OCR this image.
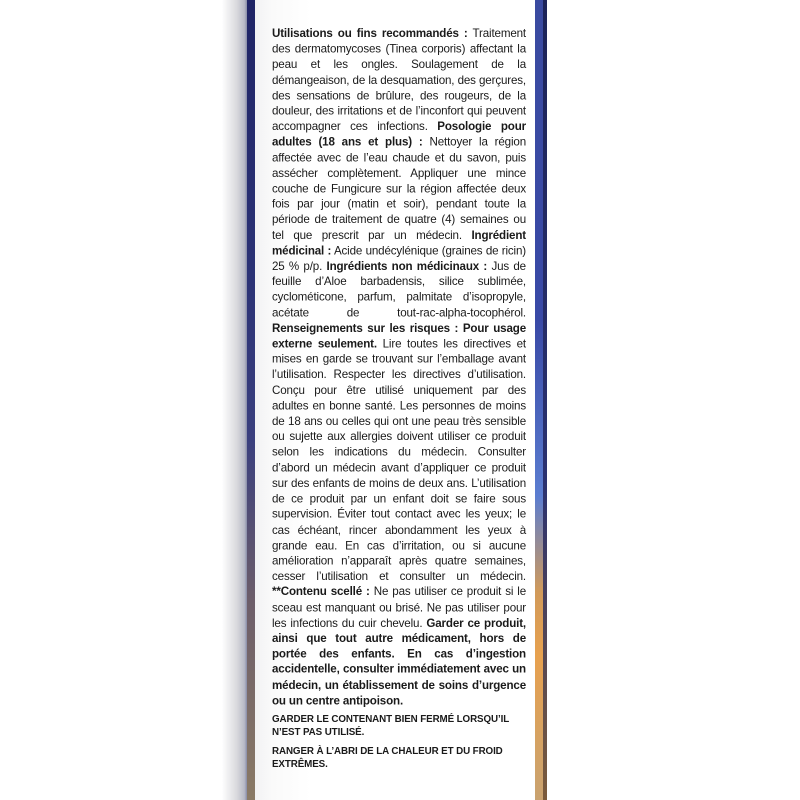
Utilisations ou fins recommandés : Traitement des dermatomycoses (Tinea corporis) affectant la peau et les ongles. Soulagement de la démangeaison, de la desquamation, des gerçures, des sensations de brûlure, des rougeurs, de la douleur, des irritations et de l’inconfort qui peuvent accompagner ces infections. Posologie pour adultes (18 ans et plus) : Nettoyer la région affectée avec de l’eau chaude et du savon, puis assécher complètement. Appliquer une mince couche de Fungicure sur la région affectée deux fois par jour (matin et soir), pendant toute la période de traitement de quatre (4) semaines ou tel que prescrit par un médecin. Ingrédient médicinal : Acide undécylénique (graines de ricin) 25 % p/p. Ingrédients non médicinaux : Jus de feuille d’Aloe barbadensis, silice sublimée, cyclométicone, parfum, palmitate d’isopropyle, acétate de tout-rac-alpha-tocophérol. Renseignements sur les risques : Pour usage externe seulement. Lire toutes les directives et mises en garde se trouvant sur l’emballage avant l’utilisation. Respecter les directives d’utilisation. Conçu pour être utilisé uniquement par des adultes en bonne santé. Les personnes de moins de 18 ans ou celles qui ont une peau très sensible ou sujette aux allergies doivent utiliser ce produit selon les indications du médecin. Consulter d’abord un médecin avant d’appliquer ce produit sur des enfants de moins de deux ans. L’utilisation de ce produit par un enfant doit se faire sous supervision. Éviter tout contact avec les yeux; le cas échéant, rincer abondamment les yeux à grande eau. En cas d’irritation, ou si aucune amélioration n’apparaît après quatre semaines, cesser l’utilisation et consulter un médecin. **Contenu scellé : Ne pas utiliser ce produit si le sceau est manquant ou brisé. Ne pas utiliser pour les infections du cuir chevelu. Garder ce produit, ainsi que tout autre médicament, hors de portée des enfants. En cas d’ingestion accidentelle, consulter immédiatement avec un médecin, un établissement de soins d’urgence ou un centre antipoison.

GARDER LE CONTENANT BIEN FERMÉ LORSQU’IL N’EST PAS UTILISÉ.

RANGER À L’ABRI DE LA CHALEUR ET DU FROID EXTRÊMES.
